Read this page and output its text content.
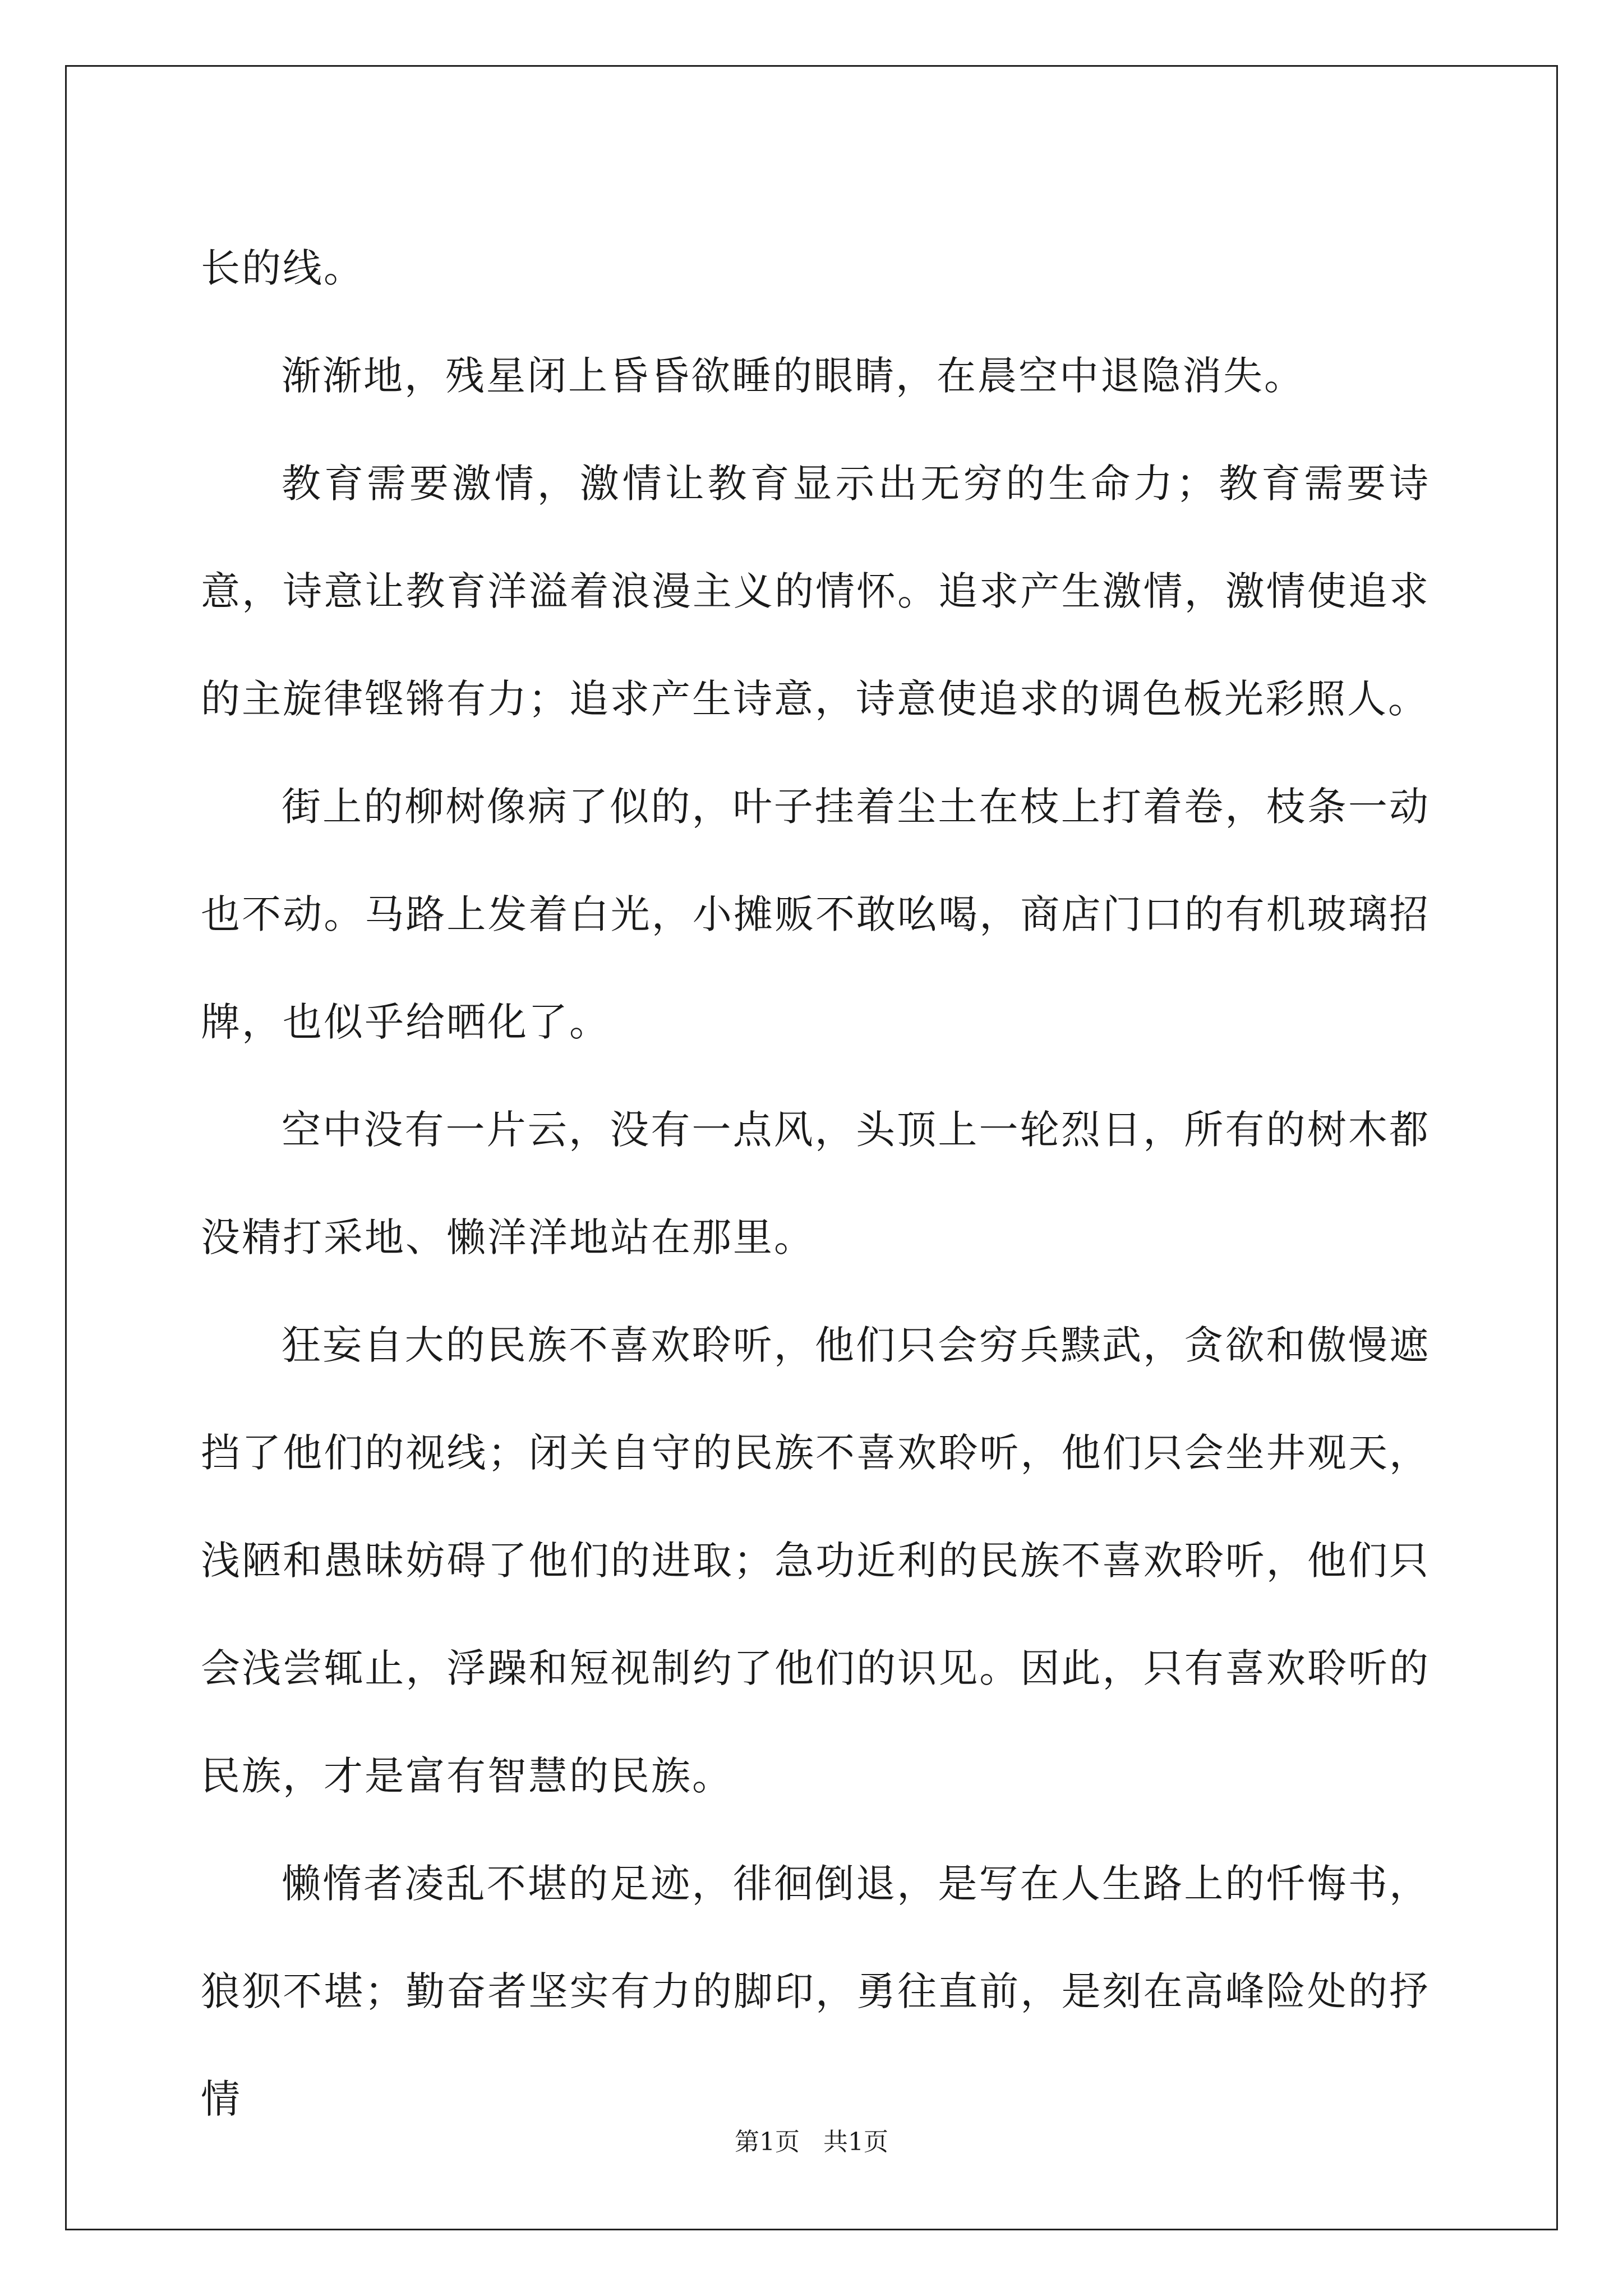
长的线。

渐渐地，残星闭上昏昏欲睡的眼睛，在晨空中退隐消失。

教育需要激情，激情让教育显示出无穷的生命力；教育需要诗意，诗意让教育洋溢着浪漫主义的情怀。追求产生激情，激情使追求的主旋律铿锵有力；追求产生诗意，诗意使追求的调色板光彩照人。

街上的柳树像病了似的，叶子挂着尘土在枝上打着卷，枝条一动也不动。马路上发着白光，小摊贩不敢吆喝，商店门口的有机玻璃招牌，也似乎给晒化了。

空中没有一片云，没有一点风，头顶上一轮烈日，所有的树木都没精打采地、懒洋洋地站在那里。

狂妄自大的民族不喜欢聆听，他们只会穷兵黩武，贪欲和傲慢遮挡了他们的视线；闭关自守的民族不喜欢聆听，他们只会坐井观天，浅陋和愚昧妨碍了他们的进取；急功近利的民族不喜欢聆听，他们只会浅尝辄止，浮躁和短视制约了他们的识见。因此，只有喜欢聆听的民族，才是富有智慧的民族。

懒惰者凌乱不堪的足迹，徘徊倒退，是写在人生路上的忏悔书，狼狈不堪；勤奋者坚实有力的脚印，勇往直前，是刻在高峰险处的抒情

第1页 共1页
